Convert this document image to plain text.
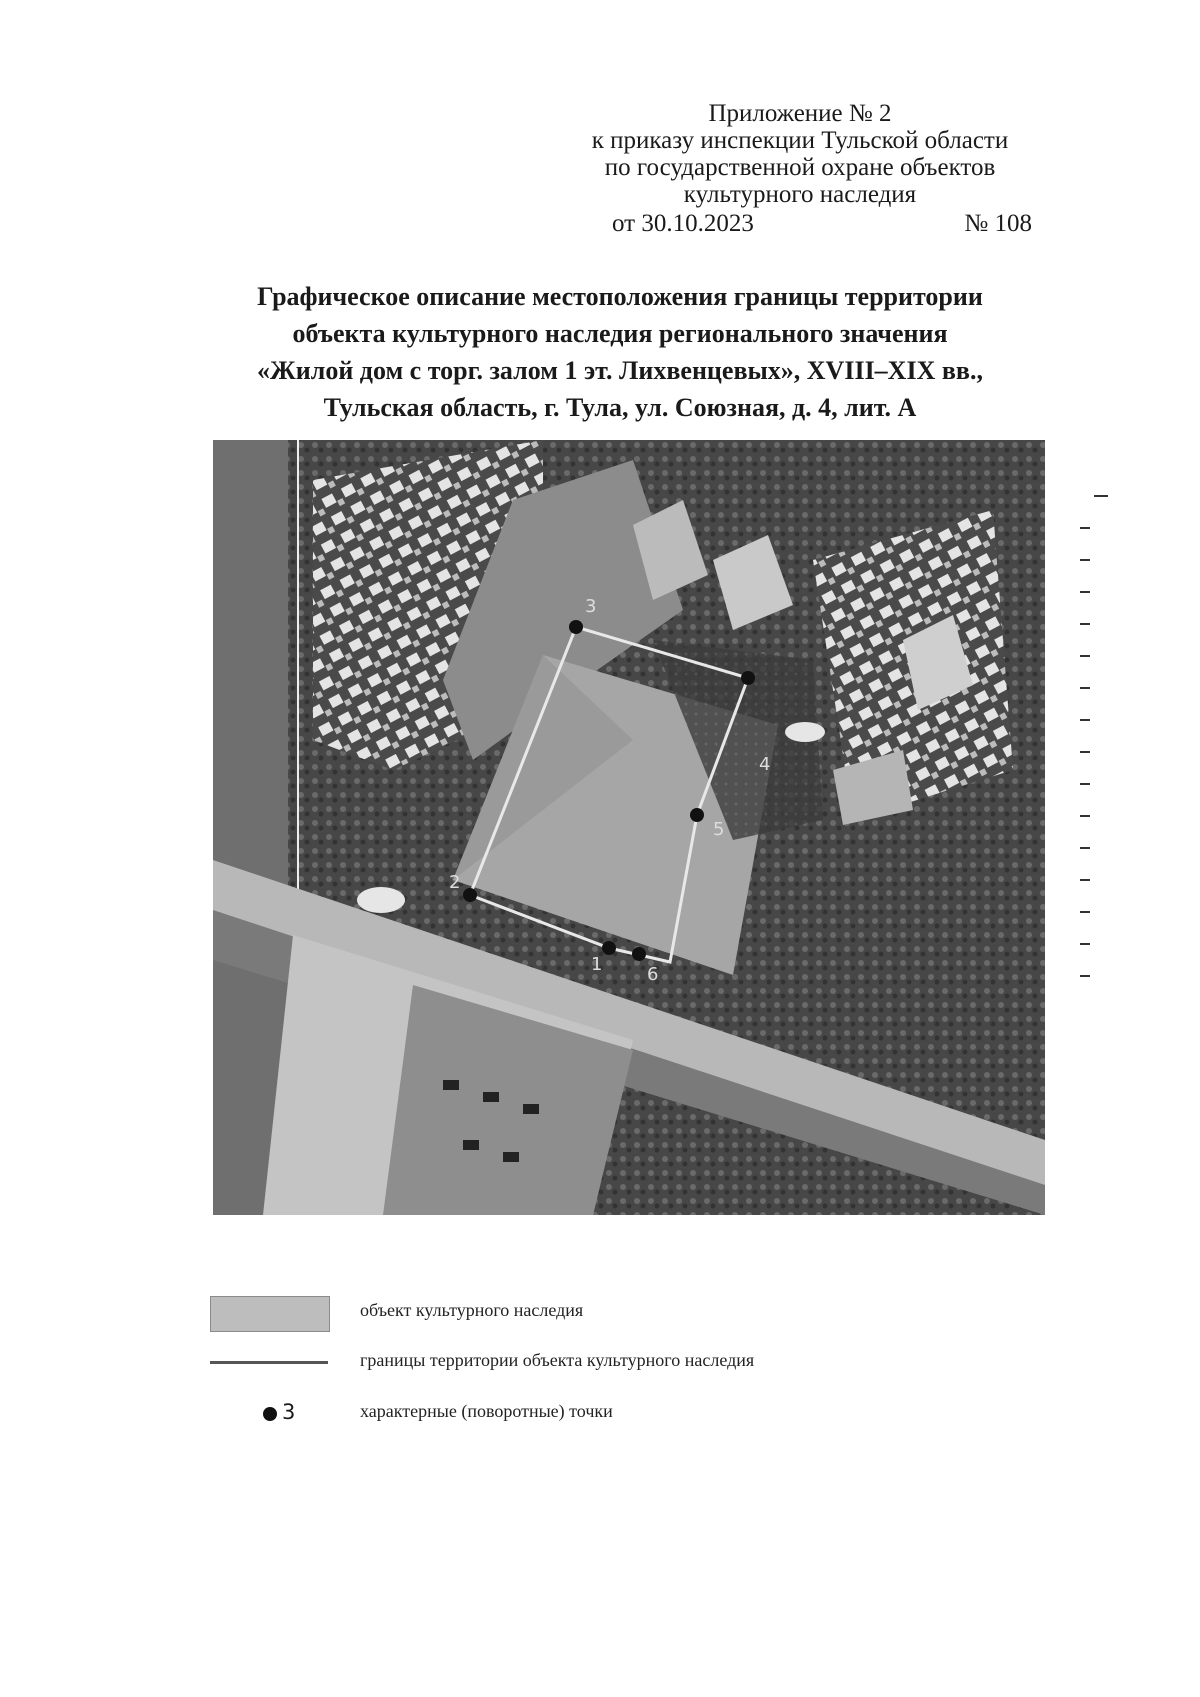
Приложение № 2
к приказу инспекции Тульской области
по государственной охране объектов
культурного наследия
от 30.10.2023	№ 108
Графическое описание местоположения границы территории
объекта культурного наследия регионального значения
«Жилой дом с торг. залом 1 эт. Лихвенцевых», XVIII–XIX вв.,
Тульская область, г. Тула, ул. Союзная, д. 4, лит. А
1
2
3
4
5
6
объект культурного наследия
границы территории объекта культурного наследия
3	характерные (поворотные) точки
